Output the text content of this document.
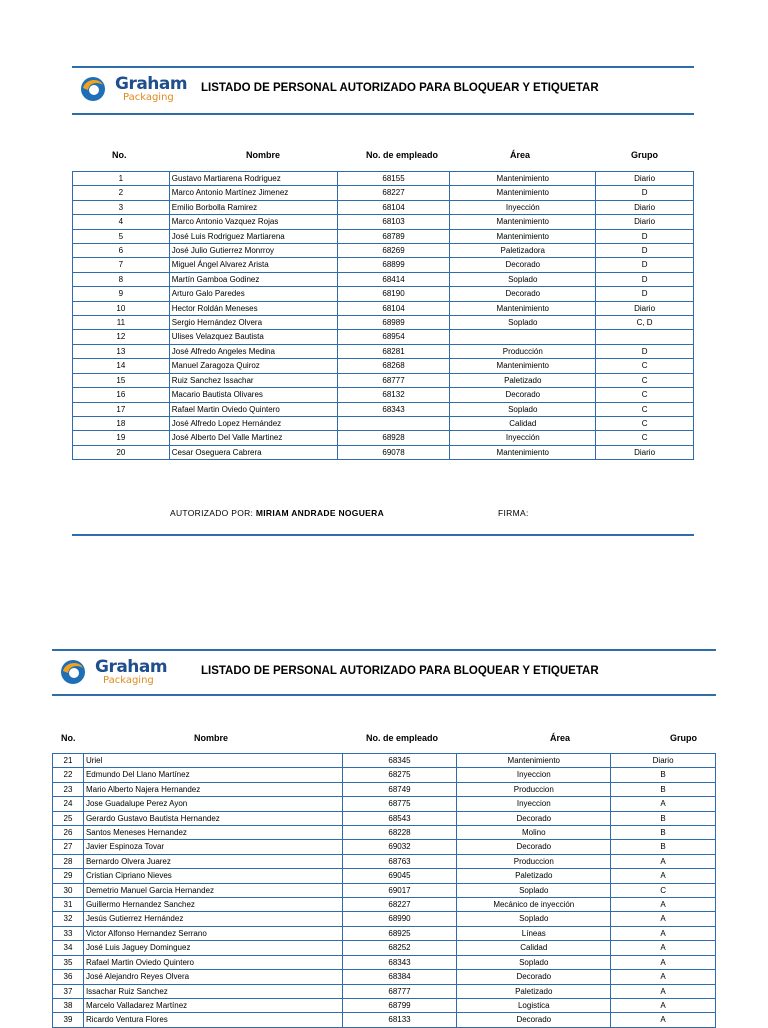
Graham
Packaging
LISTADO DE PERSONAL AUTORIZADO PARA BLOQUEAR Y ETIQUETAR
No.	Nombre	No. de empleado	Área	Grupo
1	Gustavo Martiarena Rodriguez	68155	Mantenimiento	Diario
2	Marco Antonio Martínez Jimenez	68227	Mantenimiento	D
3	Emilio Borbolla Ramirez	68104	Inyección	Diario
4	Marco Antonio Vazquez Rojas	68103	Mantenimiento	Diario
5	José Luis Rodriguez Martiarena	68789	Mantenimiento	D
6	José Julio Gutierrez Monrroy	68269	Paletizadora	D
7	Miguel Ángel Alvarez Arista	68899	Decorado	D
8	Martín Gamboa Godinez	68414	Soplado	D
9	Arturo Galo Paredes	68190	Decorado	D
10	Hector Roldán Meneses	68104	Mantenimiento	Diario
11	Sergio Hernández Olvera	68989	Soplado	C, D
12	Ulises Velazquez Bautista	68954		
13	José Alfredo Angeles Medina	68281	Producción	D
14	Manuel Zaragoza Quiroz	68268	Mantenimiento	C
15	Ruiz Sanchez Issachar	68777	Paletizado	C
16	Macario Bautista Olivares	68132	Decorado	C
17	Rafael Martin Oviedo Quintero	68343	Soplado	C
18	José Alfredo Lopez Hernández		Calidad	C
19	José Alberto Del Valle Martinez	68928	Inyección	C
20	Cesar Oseguera Cabrera	69078	Mantenimiento	Diario
AUTORIZADO POR: MIRIAM ANDRADE NOGUERA	FIRMA:
Graham
Packaging
LISTADO DE PERSONAL AUTORIZADO PARA BLOQUEAR Y ETIQUETAR
No.	Nombre	No. de empleado	Área	Grupo
21	Uriel	68345	Mantenimiento	Diario
22	Edmundo Del Llano Martínez	68275	Inyeccion	B
23	Mario Alberto Najera Hernandez	68749	Produccion	B
24	Jose Guadalupe Perez Ayon	68775	Inyeccion	A
25	Gerardo Gustavo Bautista Hernandez	68543	Decorado	B
26	Santos Meneses Hernandez	68228	Molino	B
27	Javier Espinoza Tovar	69032	Decorado	B
28	Bernardo Olvera Juarez	68763	Produccion	A
29	Cristian Cipriano Nieves	69045	Paletizado	A
30	Demetrio Manuel Garcia Hernandez	69017	Soplado	C
31	Guillermo Hernandez Sanchez	68227	Mecánico de inyección	A
32	Jesús Gutierrez Hernández	68990	Soplado	A
33	Victor Alfonso Hernandez Serrano	68925	Líneas	A
34	José Luis Jaguey Dominguez	68252	Calidad	A
35	Rafael Martin Oviedo Quintero	68343	Soplado	A
36	José Alejandro Reyes Olvera	68384	Decorado	A
37	Issachar Ruiz Sanchez	68777	Paletizado	A
38	Marcelo Valladarez Martínez	68799	Logistica	A
39	Ricardo Ventura Flores	68133	Decorado	A
